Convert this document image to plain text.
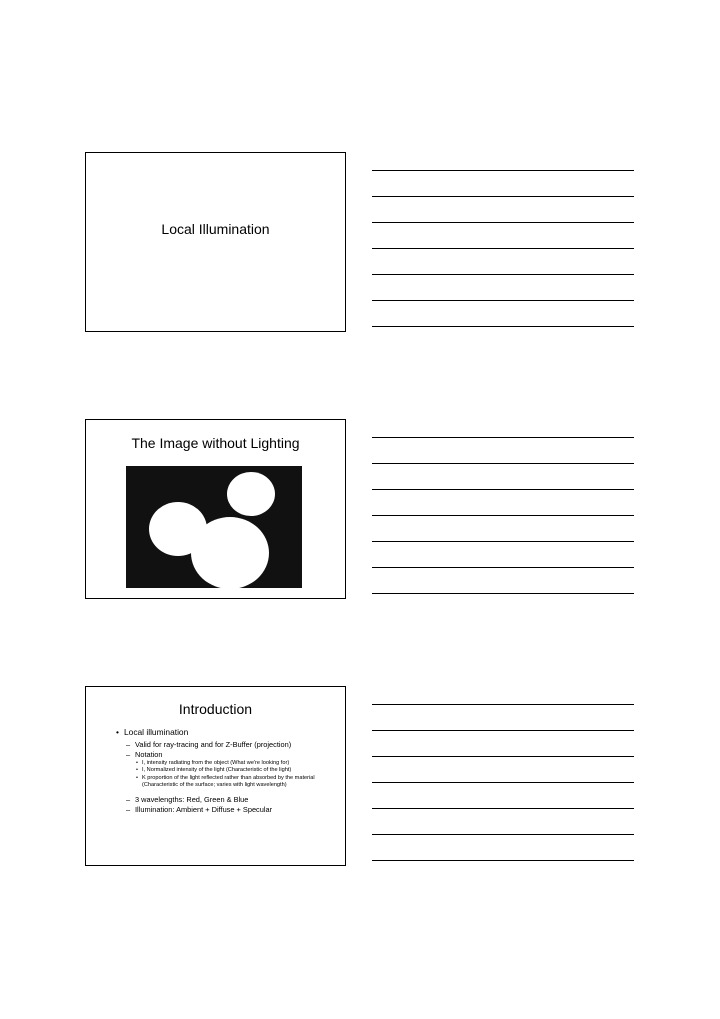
Local Illumination
The Image without Lighting
Introduction
• Local illumination
– Valid for ray-tracing and for Z-Buffer (projection)
– Notation
• I, intensity radiating from the object (What we're looking for)
• I, Normalized intensity of the light (Characteristic of the light)
• K proportion of the light reflected rather than absorbed by the material (Characteristic of the surface; varies with light wavelength)
– 3 wavelengths: Red, Green & Blue
– Illumination: Ambient + Diffuse + Specular
